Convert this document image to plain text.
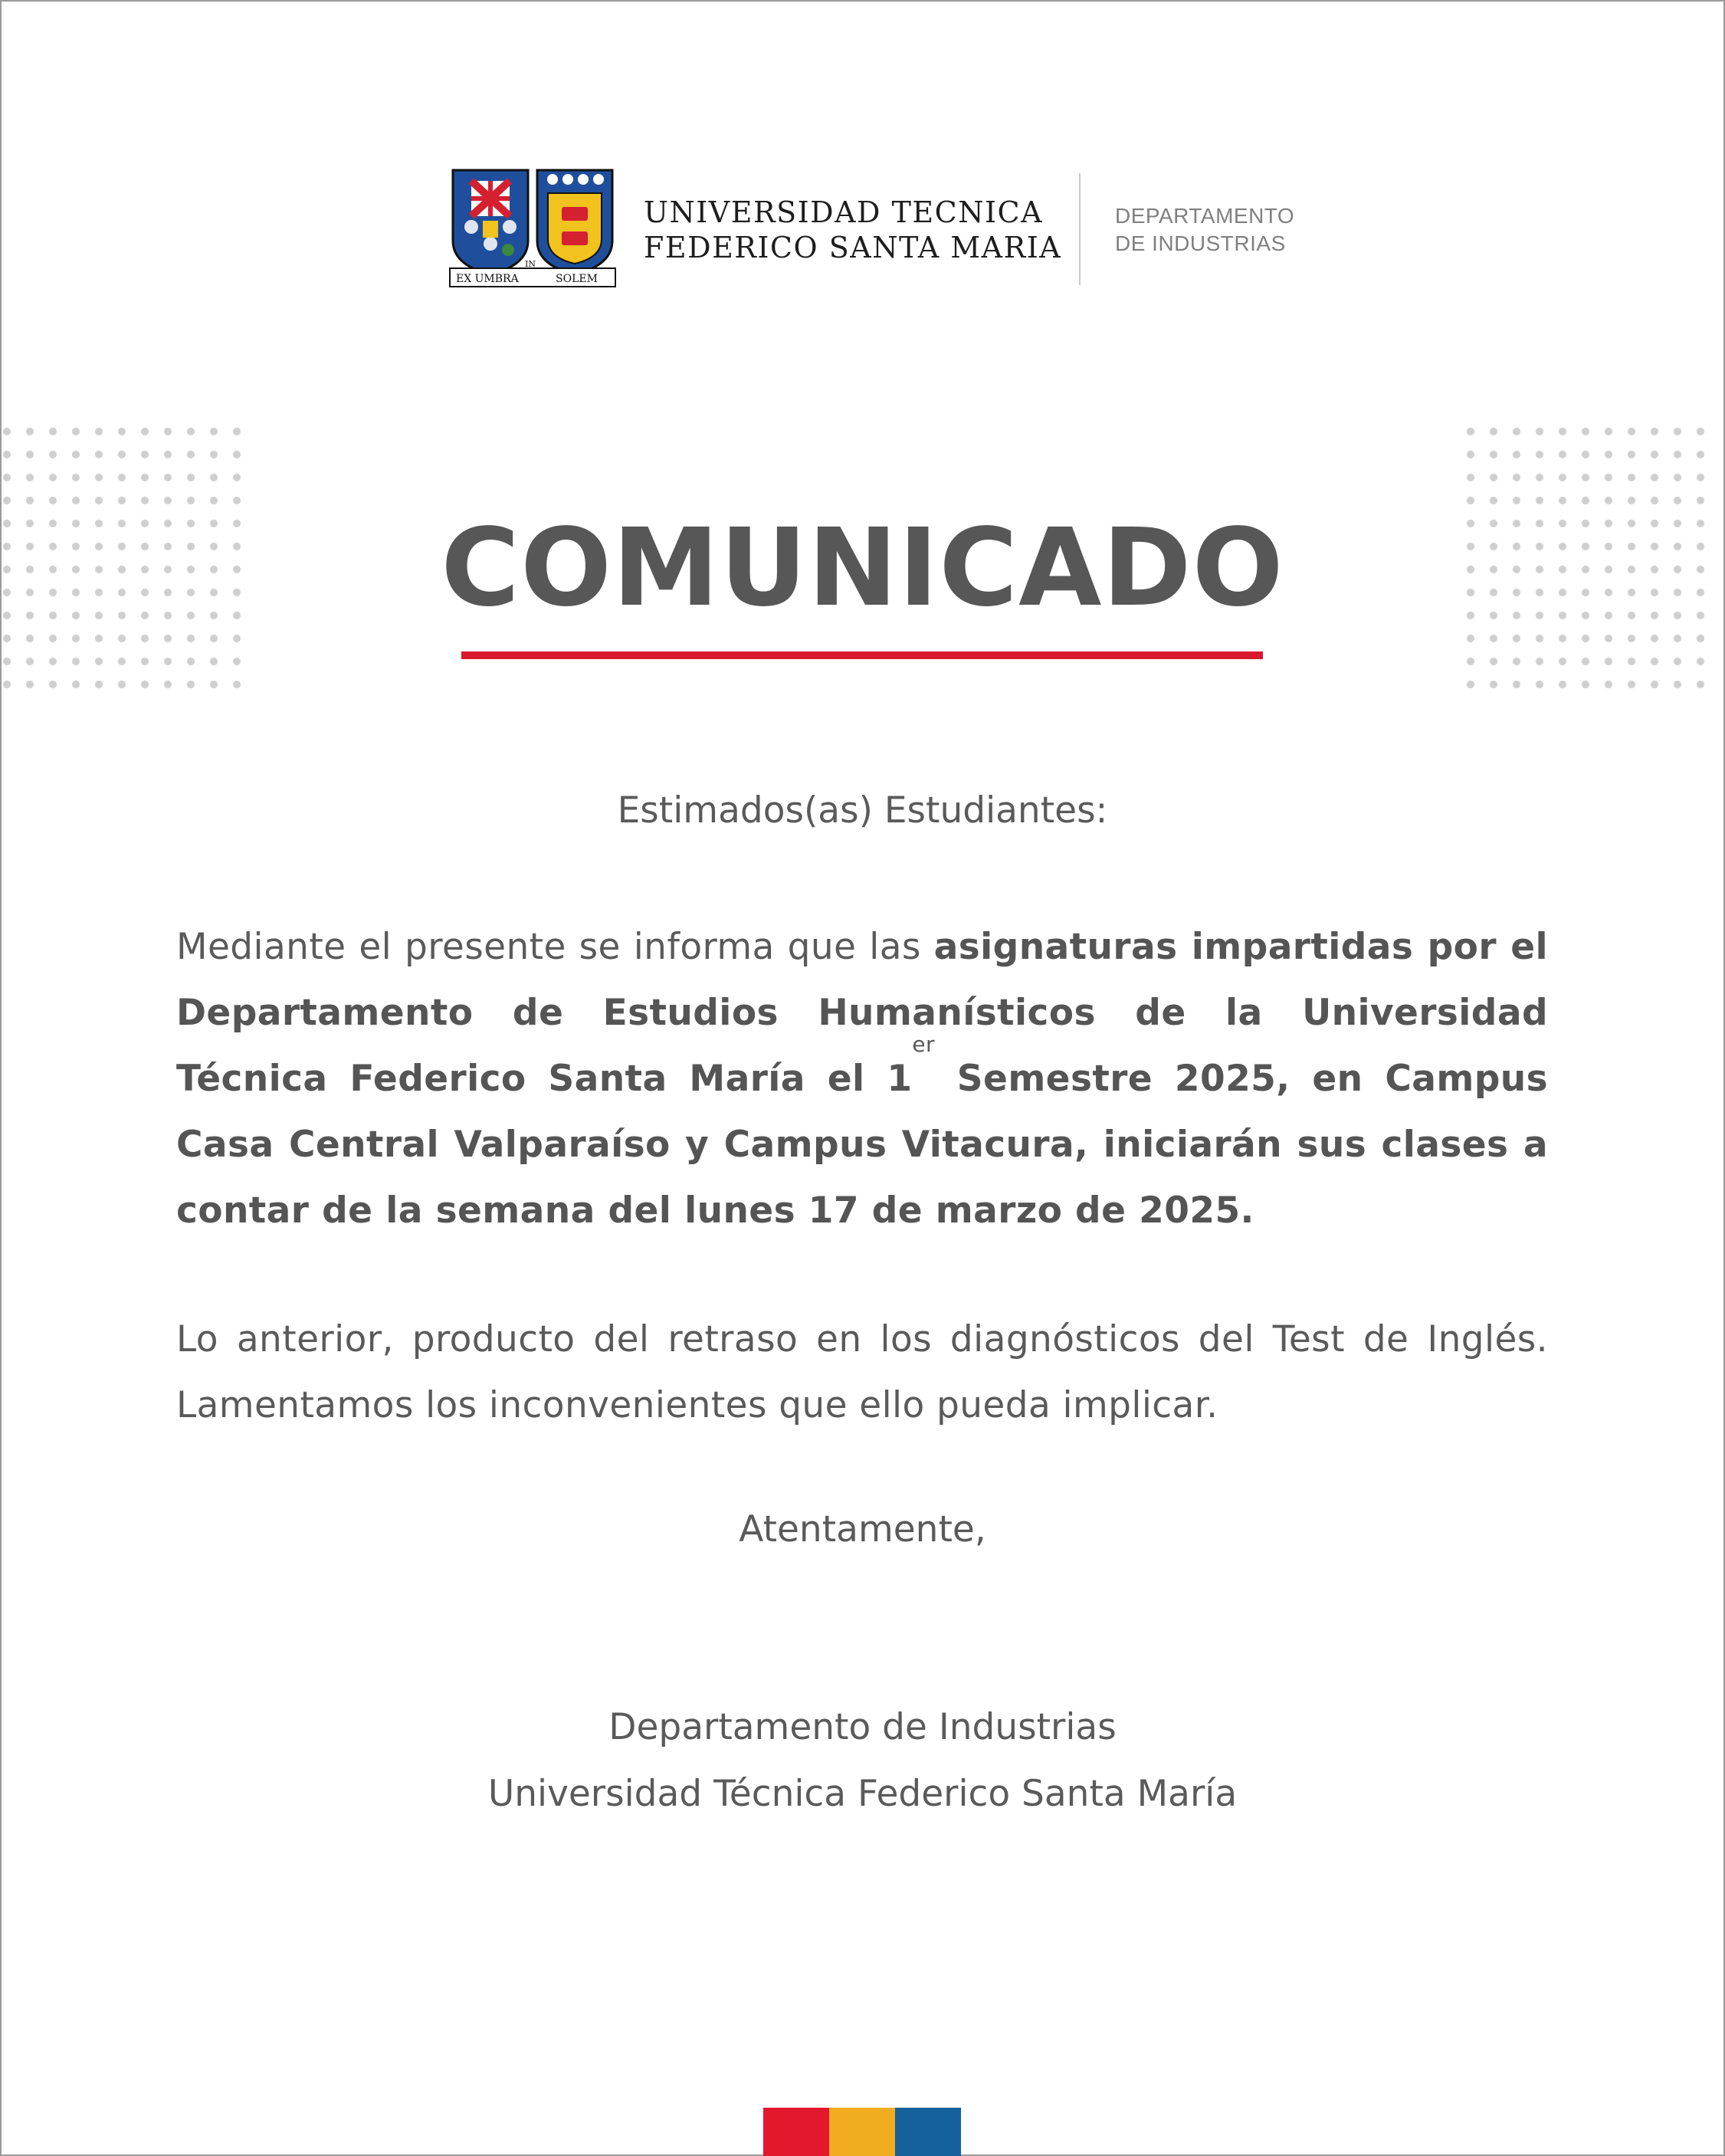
EX UMBRA
IN
SOLEM
UNIVERSIDAD TECNICA
FEDERICO SANTA MARIA
DEPARTAMENTO
DE INDUSTRIAS
COMUNICADO
Estimados(as) Estudiantes:
Mediante el presente se informa que las asignaturas impartidas por el Departamento de Estudios Humanísticos de la Universidad Técnica Federico Santa María el 1er Semestre 2025, en Campus Casa Central Valparaíso y Campus Vitacura, iniciarán sus clases a contar de la semana del lunes 17 de marzo de 2025.
Lo anterior, producto del retraso en los diagnósticos del Test de Inglés. Lamentamos los inconvenientes que ello pueda implicar.
Atentamente,
Departamento de Industrias
Universidad Técnica Federico Santa María
